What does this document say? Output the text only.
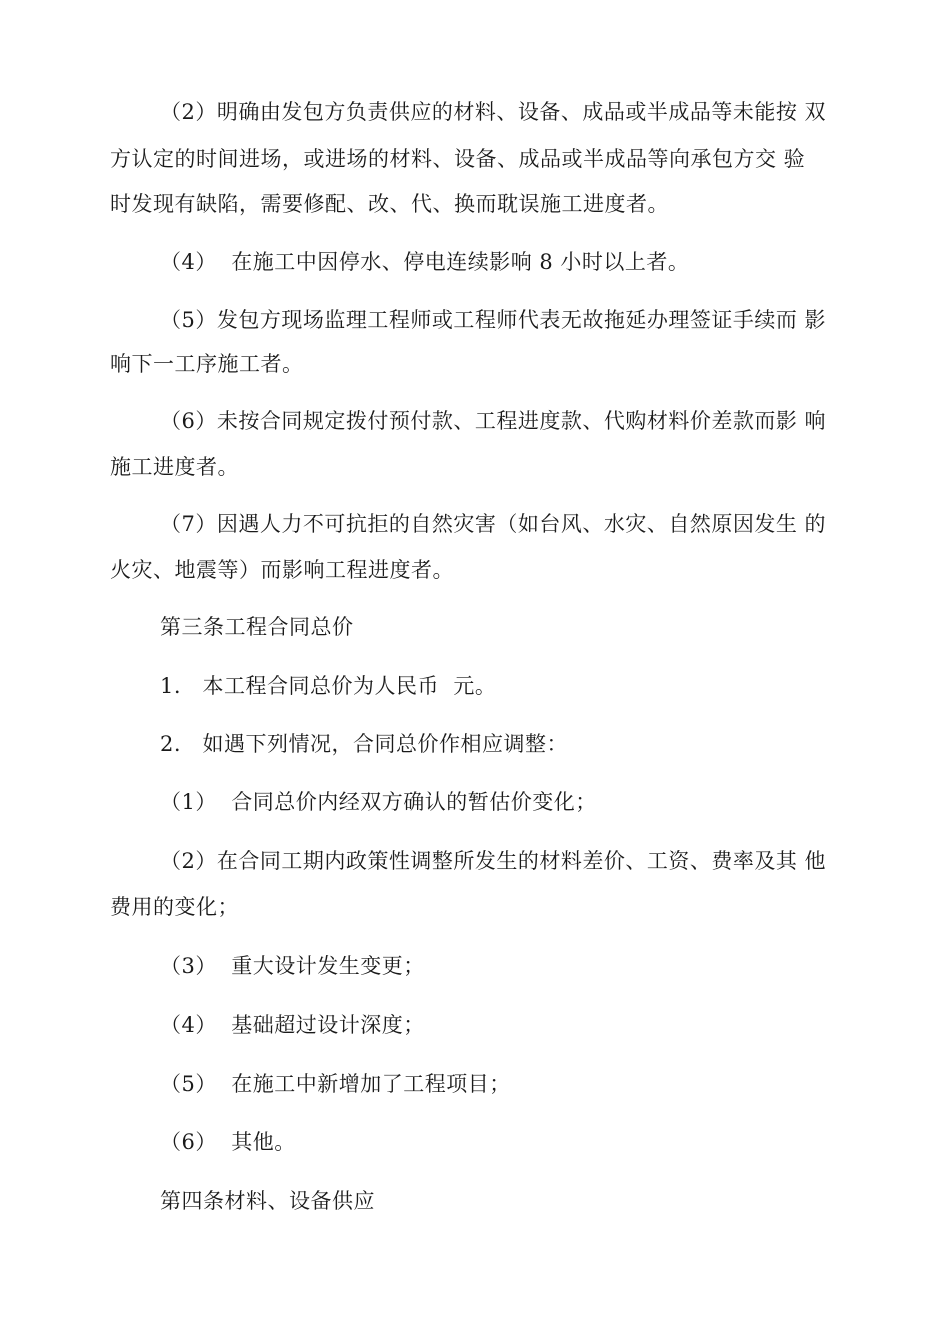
（2）明确由发包方负责供应的材料、设备、成品或半成品等未能按 双
方认定的时间进场，或进场的材料、设备、成品或半成品等向承包方交 验
时发现有缺陷，需要修配、改、代、换而耽误施工进度者。
（4）  在施工中因停水、停电连续影响 8 小时以上者。
（5）发包方现场监理工程师或工程师代表无故拖延办理签证手续而 影
响下一工序施工者。
（6）未按合同规定拨付预付款、工程进度款、代购材料价差款而影 响
施工进度者。
（7）因遇人力不可抗拒的自然灾害（如台风、水灾、自然原因发生 的
火灾、地震等）而影响工程进度者。
第三条工程合同总价
1.   本工程合同总价为人民币  元。
2.   如遇下列情况，合同总价作相应调整：
（1）  合同总价内经双方确认的暂估价变化；
（2）在合同工期内政策性调整所发生的材料差价、工资、费率及其 他
费用的变化；
（3）  重大设计发生变更；
（4）  基础超过设计深度；
（5）  在施工中新增加了工程项目；
（6）  其他。
第四条材料、设备供应
